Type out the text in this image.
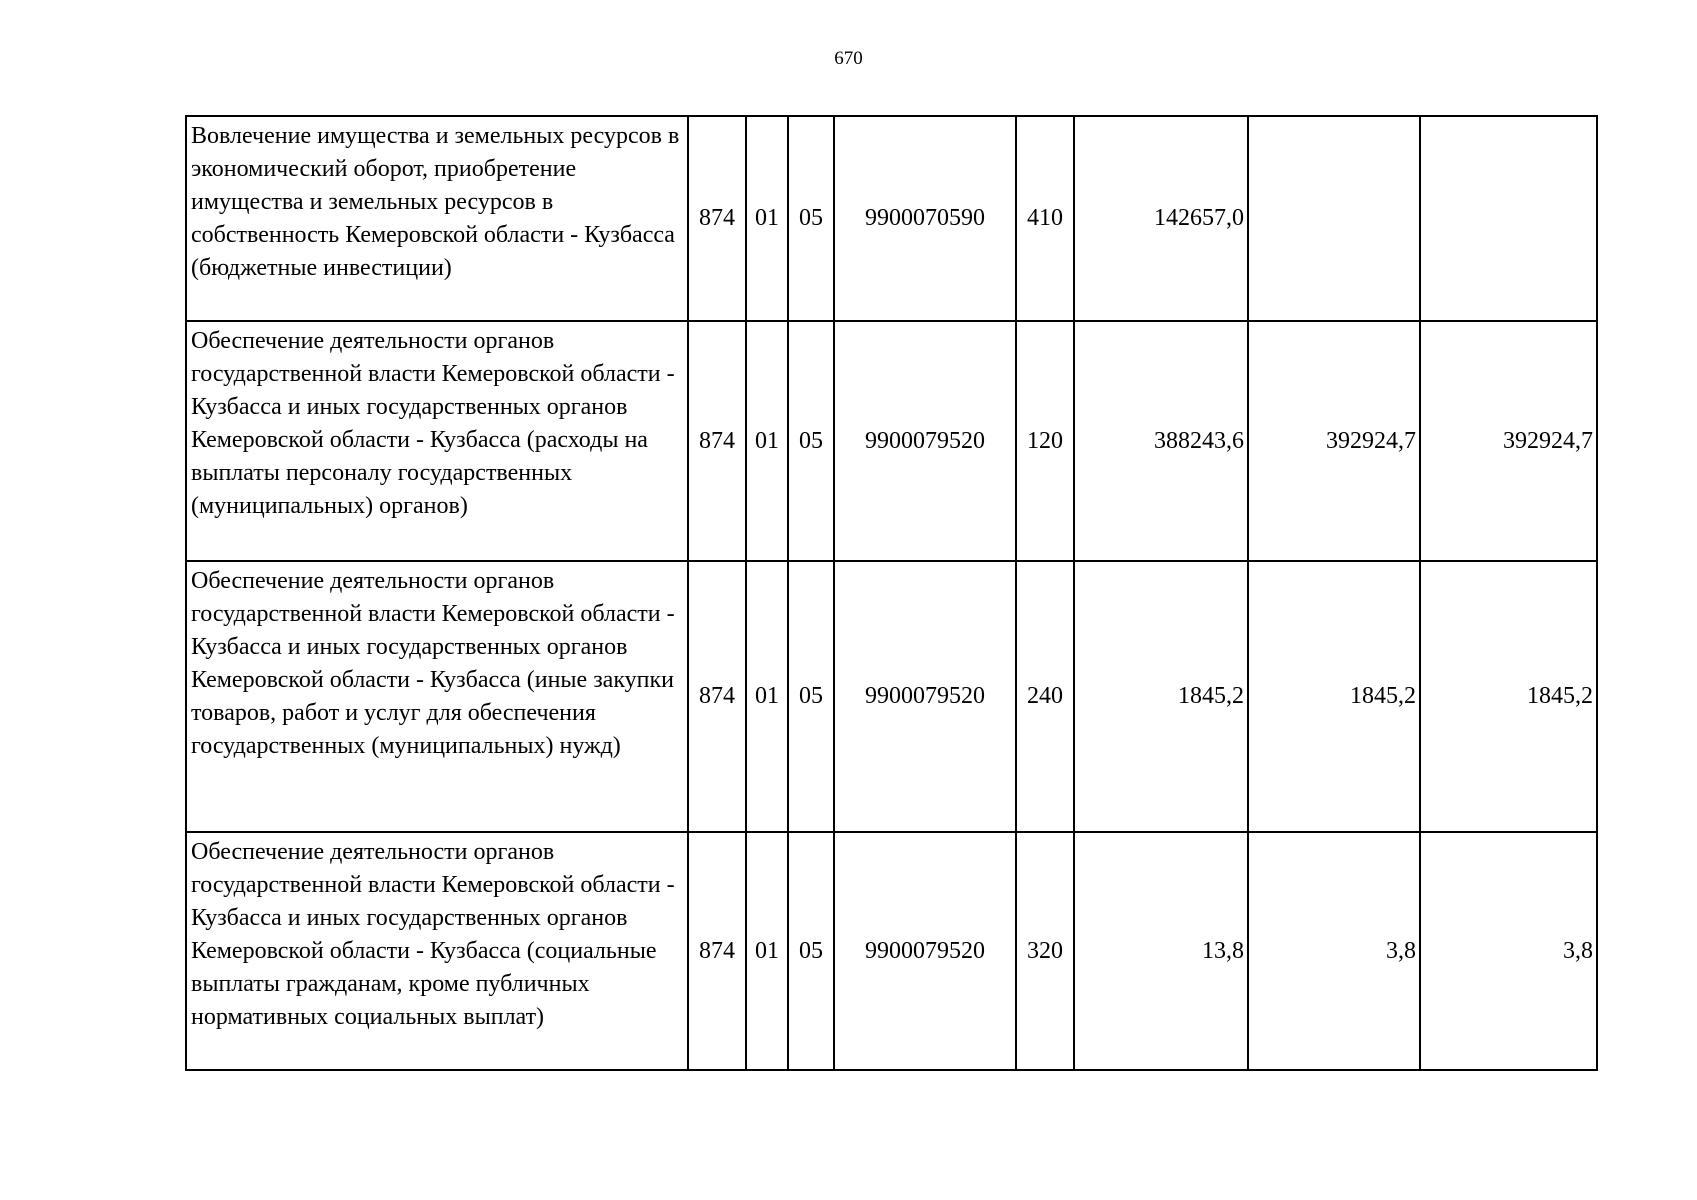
670
Вовлечение имущества и земельных ресурсов в экономический оборот, приобретение имущества и земельных ресурсов в собственность Кемеровской области - Кузбасса (бюджетные инвестиции)	874	01	05	9900070590	410	142657,0		
Обеспечение деятельности органов государственной власти Кемеровской области - Кузбасса и иных государственных органов Кемеровской области - Кузбасса (расходы на выплаты персоналу государственных (муниципальных) органов)	874	01	05	9900079520	120	388243,6	392924,7	392924,7
Обеспечение деятельности органов государственной власти Кемеровской области - Кузбасса и иных государственных органов Кемеровской области - Кузбасса (иные закупки товаров, работ и услуг для обеспечения государственных (муниципальных) нужд)	874	01	05	9900079520	240	1845,2	1845,2	1845,2
Обеспечение деятельности органов государственной власти Кемеровской области - Кузбасса и иных государственных органов Кемеровской области - Кузбасса (социальные выплаты гражданам, кроме публичных нормативных социальных выплат)	874	01	05	9900079520	320	13,8	3,8	3,8
